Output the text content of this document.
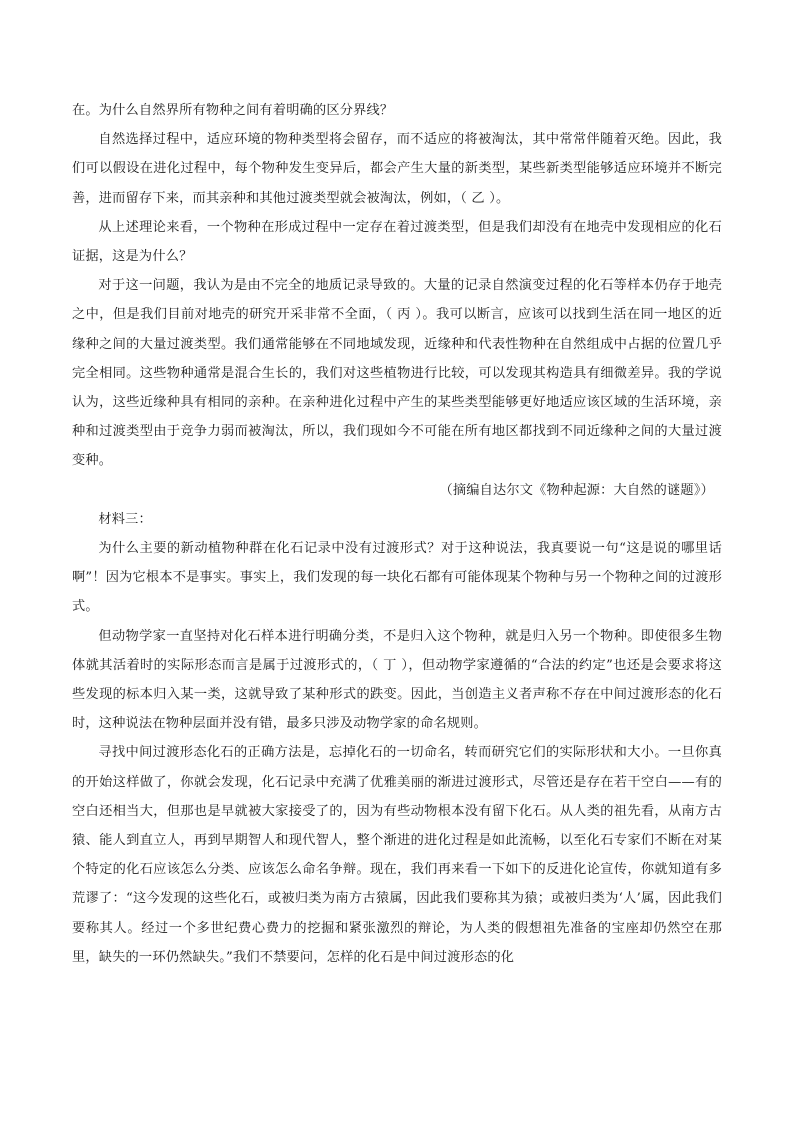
在。为什么自然界所有物种之间有着明确的区分界线？

自然选择过程中，适应环境的物种类型将会留存，而不适应的将被淘汰，其中常常伴随着灭绝。因此，我们可以假设在进化过程中，每个物种发生变异后，都会产生大量的新类型，某些新类型能够适应环境并不断完善，进而留存下来，而其亲种和其他过渡类型就会被淘汰，例如，（ 乙 ）。

从上述理论来看，一个物种在形成过程中一定存在着过渡类型，但是我们却没有在地壳中发现相应的化石证据，这是为什么？

对于这一问题，我认为是由不完全的地质记录导致的。大量的记录自然演变过程的化石等样本仍存于地壳之中，但是我们目前对地壳的研究开采非常不全面，（ 丙 ）。我可以断言，应该可以找到生活在同一地区的近缘种之间的大量过渡类型。我们通常能够在不同地域发现，近缘种和代表性物种在自然组成中占据的位置几乎完全相同。这些物种通常是混合生长的，我们对这些植物进行比较，可以发现其构造具有细微差异。我的学说认为，这些近缘种具有相同的亲种。在亲种进化过程中产生的某些类型能够更好地适应该区域的生活环境，亲种和过渡类型由于竞争力弱而被淘汰，所以，我们现如今不可能在所有地区都找到不同近缘种之间的大量过渡变种。

（摘编自达尔文《物种起源：大自然的谜题》）

材料三：

为什么主要的新动植物种群在化石记录中没有过渡形式？对于这种说法，我真要说一句“这是说的哪里话啊”！因为它根本不是事实。事实上，我们发现的每一块化石都有可能体现某个物种与另一个物种之间的过渡形式。

但动物学家一直坚持对化石样本进行明确分类，不是归入这个物种，就是归入另一个物种。即使很多生物体就其活着时的实际形态而言是属于过渡形式的，（ 丁 ），但动物学家遵循的“合法的约定”也还是会要求将这些发现的标本归入某一类，这就导致了某种形式的跌变。因此，当创造主义者声称不存在中间过渡形态的化石时，这种说法在物种层面并没有错，最多只涉及动物学家的命名规则。

寻找中间过渡形态化石的正确方法是，忘掉化石的一切命名，转而研究它们的实际形状和大小。一旦你真的开始这样做了，你就会发现，化石记录中充满了优雅美丽的渐进过渡形式，尽管还是存在若干空白——有的空白还相当大，但那也是早就被大家接受了的，因为有些动物根本没有留下化石。从人类的祖先看，从南方古猿、能人到直立人，再到早期智人和现代智人，整个渐进的进化过程是如此流畅，以至化石专家们不断在对某个特定的化石应该怎么分类、应该怎么命名争辩。现在，我们再来看一下如下的反进化论宣传，你就知道有多荒谬了：“这今发现的这些化石，或被归类为南方古猿属，因此我们要称其为猿；或被归类为‘人’属，因此我们要称其人。经过一个多世纪费心费力的挖掘和紧张激烈的辩论，为人类的假想祖先准备的宝座却仍然空在那里，缺失的一环仍然缺失。”我们不禁要问，怎样的化石是中间过渡形态的化
